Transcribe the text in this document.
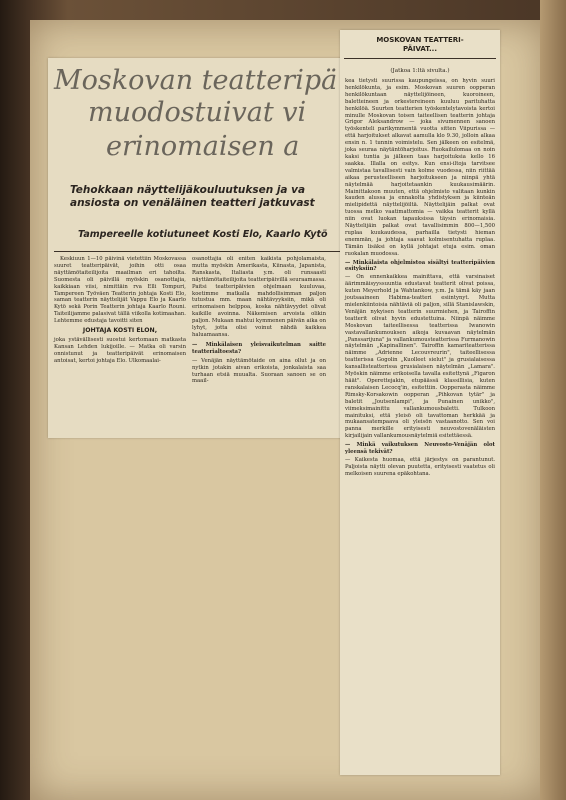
Moskovan teatteripä
muodostuivat vi
erinomaisen a
Tehokkaan näyttelijäkouluutuksen ja va
ansiosta on venäläinen teatteri jatkuvast
Tampereelle kotiutuneet Kosti Elo, Kaarlo Kytö
Keskiuun 1—10 päivinä vietettiin Moskovassa suuret teatteripäivät, joihin otti osaa näyttämötaiteilijoita maailman eri tahoilta. Suomesta oli päivillä myöskin osanottajia, kaikkiaan viisi, nimittäin rva Elli Tompuri, Tampereen Työväen Teatterin johtaja Kosti Elo, saman teatterin näyttelijät Vappu Elo ja Kaarlo Kytö sekä Porin Teatterin johtaja Kaarlo Rouni. Taiteilijamme palasivat tällä viikolla kotimaahan. Lehtemme edustaja tavoitti siten
JOHTAJA KOSTI ELON,
joka ystävällisesti suostui kertomaan matkasta Kansan Lehden lukijoille. — Matka oli varsin onnistunut ja teatteripäivät erinomaisen antoisat, kertoi johtaja Elo. Ulkomaalai-
osanottajia oli eniten kaikista pohjolamaista, mutta myöskin Amerikasta, Kiinasta, Japanista, Ranskasta, Italiasta y.m. oli runsaasti näyttämötaiteilijoita teatteripäivillä seuraamassa. Paitsi teatteripäivien ohjelmaan kuuluvaa, koetimme matkalla mahdollisimman paljon tutustua mm. maan nähtävyyksiin, mikä oli erinomaisen helppoa, koska nähtävyydet olivat kaikille avoinna. Näkemisen arvoista olikin paljon. Mukaan mahtui kymmenen päivän aika on lyhyt, jotta olisi voinut nähdä kaikkea haluamaansa.
— Minkälaisen yleisvaikutelman saitte teatterialtoesta?
— Venäjän näyttämötaide on aina ollut ja on nytkin jotakin aivan erikoista, jonkalaista saa turhaan etsiä muualta. Suoraan sanoen se on maail-
MOSKOVAN TEATTERI-
PÄIVAT...
(Jatkoa 1:ltä sivulta.)
kea tietysti suurissa kaupungeissa, on hyvin suuri henkilökunta, ja esim. Moskovan suuren oopperan henkilökuntaan näyttelijöineen, kuoroineen, baletteineen ja orkestereineen kuuluu parituhatta henkilöä. Suurten teatterien työskentelytavoista kertoi minulle Moskovan toisen taiteellisen teatterin johtaja Grigor Aleksandrow — joka sivumennen sanoen työskenteli parikymmentä vuotta sitten Viipurissa — että harjoitukset alkavat aamulla klo 9.30, jolloin alkaa ensin n. 1 tunnin voimistelu. Sen jälkeen on esitelmä, joka seuraa näytäntöharjoitus. Ruokailulomaa on noin kaksi tuntia ja jälkeen taas harjoituksia kello 16 saakka. Illalla on esitys. Kun ensi-iltoja tarvitsee valmistaa tavallisesti vain kolme vuodessa, niin riittää aikaa perusteelliseen harjoitukseen ja niinpä yhtä näytelmää harjoitetaankin kuukausimäärin. Mainittakoon muuten, että ohjelmisto valitaan kunkin kauden alussa ja ennakolta yhdistyksen ja kiinteän mielipidettä näyttelijöiltä. Näyttelijäin palkat ovat tuossa melko vaatimattomia — vaikka teatterit kyllä niin ovat luokan tapauksissa täysin erinomaisia. Näyttelijäin palkat ovat tavallisimmin 800—1,500 ruplaa kuukaudessa, parhailla tietysti hieman enemmän, ja johtaja saavat kolmisentuhatta ruplaa. Tämän lisäksi on kyllä johtajat etuja esim. oman ruokalan muodossa.
— Minkälaista ohjelmistoa sisältyi teatteripäivien esityksiin?
— On ennenkaikkea mainittava, että varsinaiset äärimmäisyyssuuntia edustavat teatterit olivat poissa, kuten Meyerhold ja Wahtankow, y.m. Ja tämä käy jaan joutsaaineen Habima-teatteri esiintynyt. Mutta mielenkiintoisia nähtäviä oli paljon, sillä Stanislawskin, Venäjän nykyisen teatterin suurmiehen, ja Tairoffin teatterit olivat hyvin edustettuina. Niinpä näimme Moskovan taiteellisessa teatterissa Iwanowin vastavallankumouksen aikoja kuvaavan näytelmän „Panssarijuna" ja vallankumousteatterissa Furmanowin näytelmän „Kapinallinen". Tairoffin kamariteatterissa näimme „Adrienne Lecouvreurin", taiteellisessa teatterissa Gogolin „Kuolleet sielut" ja grusialaisessa kansallisteatterissa grusialaisen näytelmän „Lamara". Myöskin näimme erikoisella tavalla esitettynä „Figaron häät". Operettejakin, etupäässä klassillisia, kuten ranskalaisen Lecocq'in, esitettiin. Oopperasta näimme Rimsky-Korsakowin oopperan „Pihkovan tytär" ja baletit „Joutsenlampi", ja Punainen unikko", viimeksimainittu vallankumousbaletti. Tulkoon mainituksi, että yleisö oli tavattoman herkkää ja mukaansatempaava oli yleisön vastaanotto. Sen voi panna merkille erityisesti neuvostovenäläisten kirjailijain vallankumousnäytelmiä esitettäessä.
— Minkä vaikutuksen Neuvosto-Venäjän olot yleensä tekivät?
— Kaikesta huomaa, että järjestys on parantunut. Paljoista näytti olevan puutetta, erityisesti vaatetus oli melkoisen suurena epäkohtana.
